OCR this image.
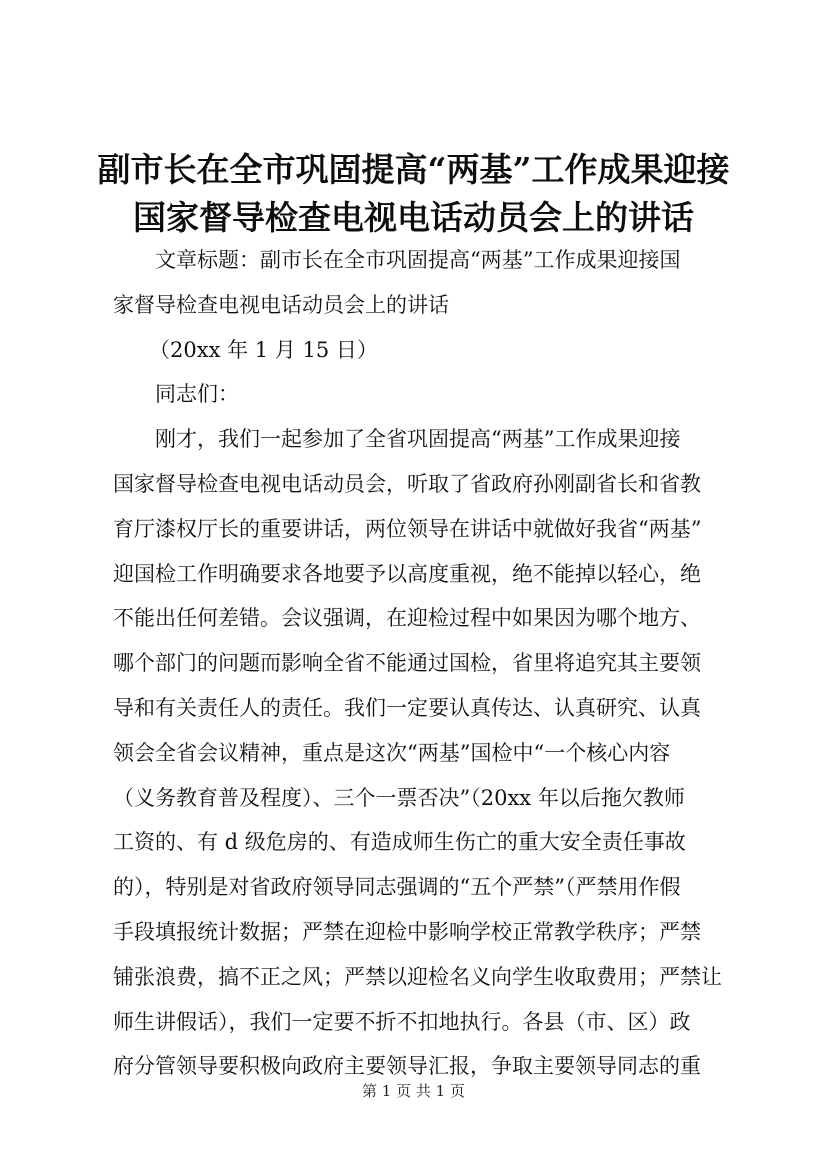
副市长在全市巩固提高“两基”工作成果迎接
国家督导检查电视电话动员会上的讲话
文章标题：副市长在全市巩固提高“两基”工作成果迎接国
家督导检查电视电话动员会上的讲话
（20xx 年 1 月 15 日）
同志们：
刚才，我们一起参加了全省巩固提高“两基”工作成果迎接
国家督导检查电视电话动员会，听取了省政府孙刚副省长和省教
育厅漆权厅长的重要讲话，两位领导在讲话中就做好我省“两基”
迎国检工作明确要求各地要予以高度重视，绝不能掉以轻心，绝
不能出任何差错。会议强调，在迎检过程中如果因为哪个地方、
哪个部门的问题而影响全省不能通过国检，省里将追究其主要领
导和有关责任人的责任。我们一定要认真传达、认真研究、认真
领会全省会议精神，重点是这次“两基”国检中“一个核心内容
（义务教育普及程度）、三个一票否决”（20xx 年以后拖欠教师
工资的、有 d 级危房的、有造成师生伤亡的重大安全责任事故
的），特别是对省政府领导同志强调的“五个严禁”（严禁用作假
手段填报统计数据；严禁在迎检中影响学校正常教学秩序；严禁
铺张浪费，搞不正之风；严禁以迎检名义向学生收取费用；严禁让
师生讲假话），我们一定要不折不扣地执行。各县（市、区）政
府分管领导要积极向政府主要领导汇报，争取主要领导同志的重
第 1 页 共 1 页
